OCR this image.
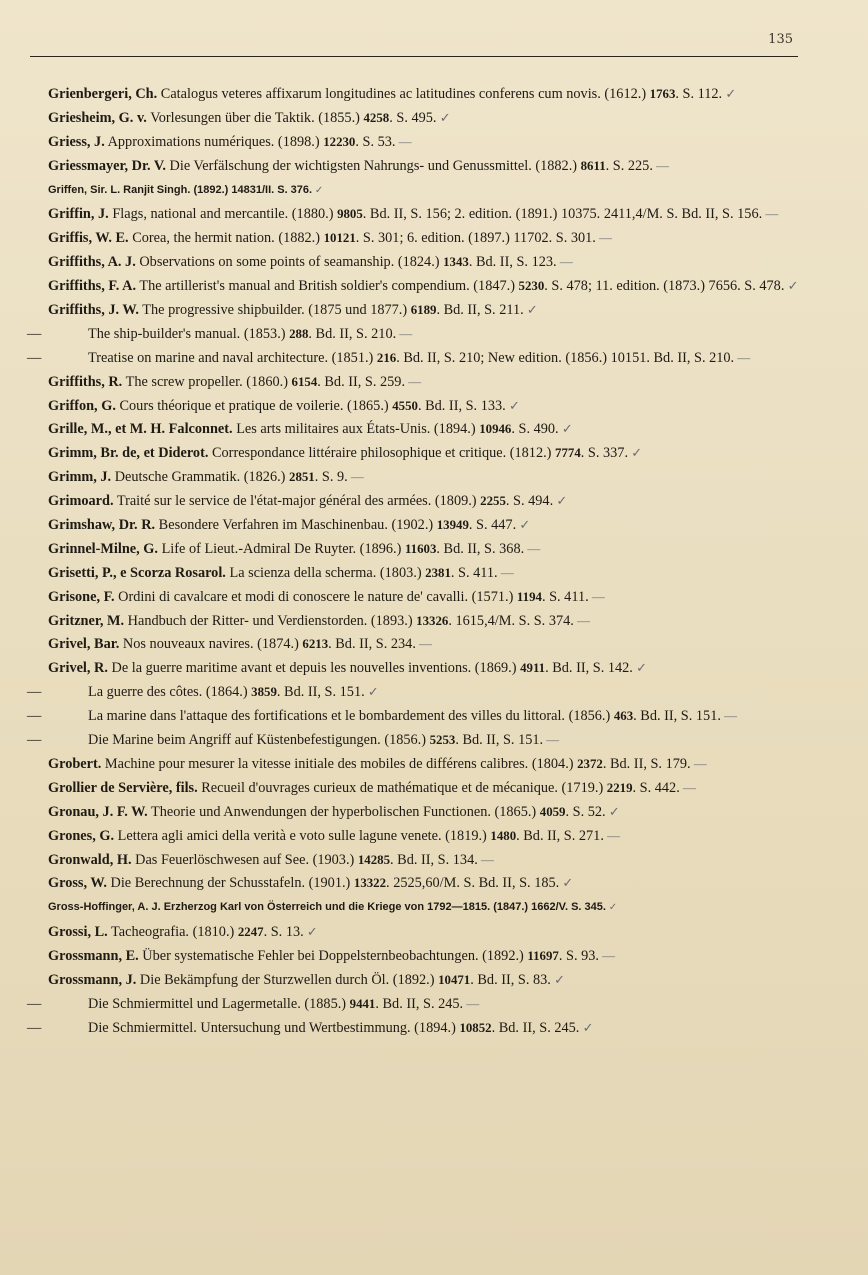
135
Grienbergeri, Ch. Catalogus veteres affixarum longitudines ac latitudines conferens cum novis. (1612.) 1763. S. 112. ✓
Griesheim, G. v. Vorlesungen über die Taktik. (1855.) 4258. S. 495. ✓
Griess, J. Approximations numériques. (1898.) 12230. S. 53. —
Griessmayer, Dr. V. Die Verfälschung der wichtigsten Nahrungs- und Genussmittel. (1882.) 8611. S. 225. —
Griffen, Sir. L. Ranjit Singh. (1892.) 14831/II. S. 376. ✓
Griffin, J. Flags, national and mercantile. (1880.) 9805. Bd. II, S. 156; 2. edition. (1891.) 10375. 2411,4/M. S. Bd. II, S. 156. —
Griffis, W. E. Corea, the hermit nation. (1882.) 10121. S. 301; 6. edition. (1897.) 11702. S. 301. —
Griffiths, A. J. Observations on some points of seamanship. (1824.) 1343. Bd. II, S. 123. —
Griffiths, F. A. The artillerist's manual and British soldier's compendium. (1847.) 5230. S. 478; 11. edition. (1873.) 7656. S. 478. ✓
Griffiths, J. W. The progressive shipbuilder. (1875 und 1877.) 6189. Bd. II, S. 211. ✓
—	The ship-builder's manual. (1853.) 288. Bd. II, S. 210. —
—	Treatise on marine and naval architecture. (1851.) 216. Bd. II, S. 210; New edition. (1856.) 10151. Bd. II, S. 210. —
Griffiths, R. The screw propeller. (1860.) 6154. Bd. II, S. 259. —
Griffon, G. Cours théorique et pratique de voilerie. (1865.) 4550. Bd. II, S. 133. ✓
Grille, M., et M. H. Falconnet. Les arts militaires aux États-Unis. (1894.) 10946. S. 490. ✓
Grimm, Br. de, et Diderot. Correspondance littéraire philosophique et critique. (1812.) 7774. S. 337. ✓
Grimm, J. Deutsche Grammatik. (1826.) 2851. S. 9. —
Grimoard. Traité sur le service de l'état-major général des armées. (1809.) 2255. S. 494. ✓
Grimshaw, Dr. R. Besondere Verfahren im Maschinenbau. (1902.) 13949. S. 447. ✓
Grinnel-Milne, G. Life of Lieut.-Admiral De Ruyter. (1896.) 11603. Bd. II, S. 368. —
Grisetti, P., e Scorza Rosarol. La scienza della scherma. (1803.) 2381. S. 411. —
Grisone, F. Ordini di cavalcare et modi di conoscere le nature de' cavalli. (1571.) 1194. S. 411. —
Gritzner, M. Handbuch der Ritter- und Verdienstorden. (1893.) 13326. 1615,4/M. S. S. 374. —
Grivel, Bar. Nos nouveaux navires. (1874.) 6213. Bd. II, S. 234. —
Grivel, R. De la guerre maritime avant et depuis les nouvelles inventions. (1869.) 4911. Bd. II, S. 142. ✓
—	La guerre des côtes. (1864.) 3859. Bd. II, S. 151. ✓
—	La marine dans l'attaque des fortifications et le bombardement des villes du littoral. (1856.) 463. Bd. II, S. 151. —
—	Die Marine beim Angriff auf Küstenbefestigungen. (1856.) 5253. Bd. II, S. 151. —
Grobert. Machine pour mesurer la vitesse initiale des mobiles de différens calibres. (1804.) 2372. Bd. II, S. 179. —
Grollier de Servière, fils. Recueil d'ouvrages curieux de mathématique et de mécanique. (1719.) 2219. S. 442. —
Gronau, J. F. W. Theorie und Anwendungen der hyperbolischen Functionen. (1865.) 4059. S. 52. ✓
Grones, G. Lettera agli amici della verità e voto sulle lagune venete. (1819.) 1480. Bd. II, S. 271. —
Gronwald, H. Das Feuerlöschwesen auf See. (1903.) 14285. Bd. II, S. 134. —
Gross, W. Die Berechnung der Schusstafeln. (1901.) 13322. 2525,60/M. S. Bd. II, S. 185. ✓
Gross-Hoffinger, A. J. Erzherzog Karl von Österreich und die Kriege von 1792—1815. (1847.) 1662/V. S. 345. ✓
Grossi, L. Tacheografia. (1810.) 2247. S. 13. ✓
Grossmann, E. Über systematische Fehler bei Doppelsternbeobachtungen. (1892.) 11697. S. 93. —
Grossmann, J. Die Bekämpfung der Sturzwellen durch Öl. (1892.) 10471. Bd. II, S. 83. ✓
—	Die Schmiermittel und Lagermetalle. (1885.) 9441. Bd. II, S. 245. —
—	Die Schmiermittel. Untersuchung und Wertbestimmung. (1894.) 10852. Bd. II, S. 245. ✓
